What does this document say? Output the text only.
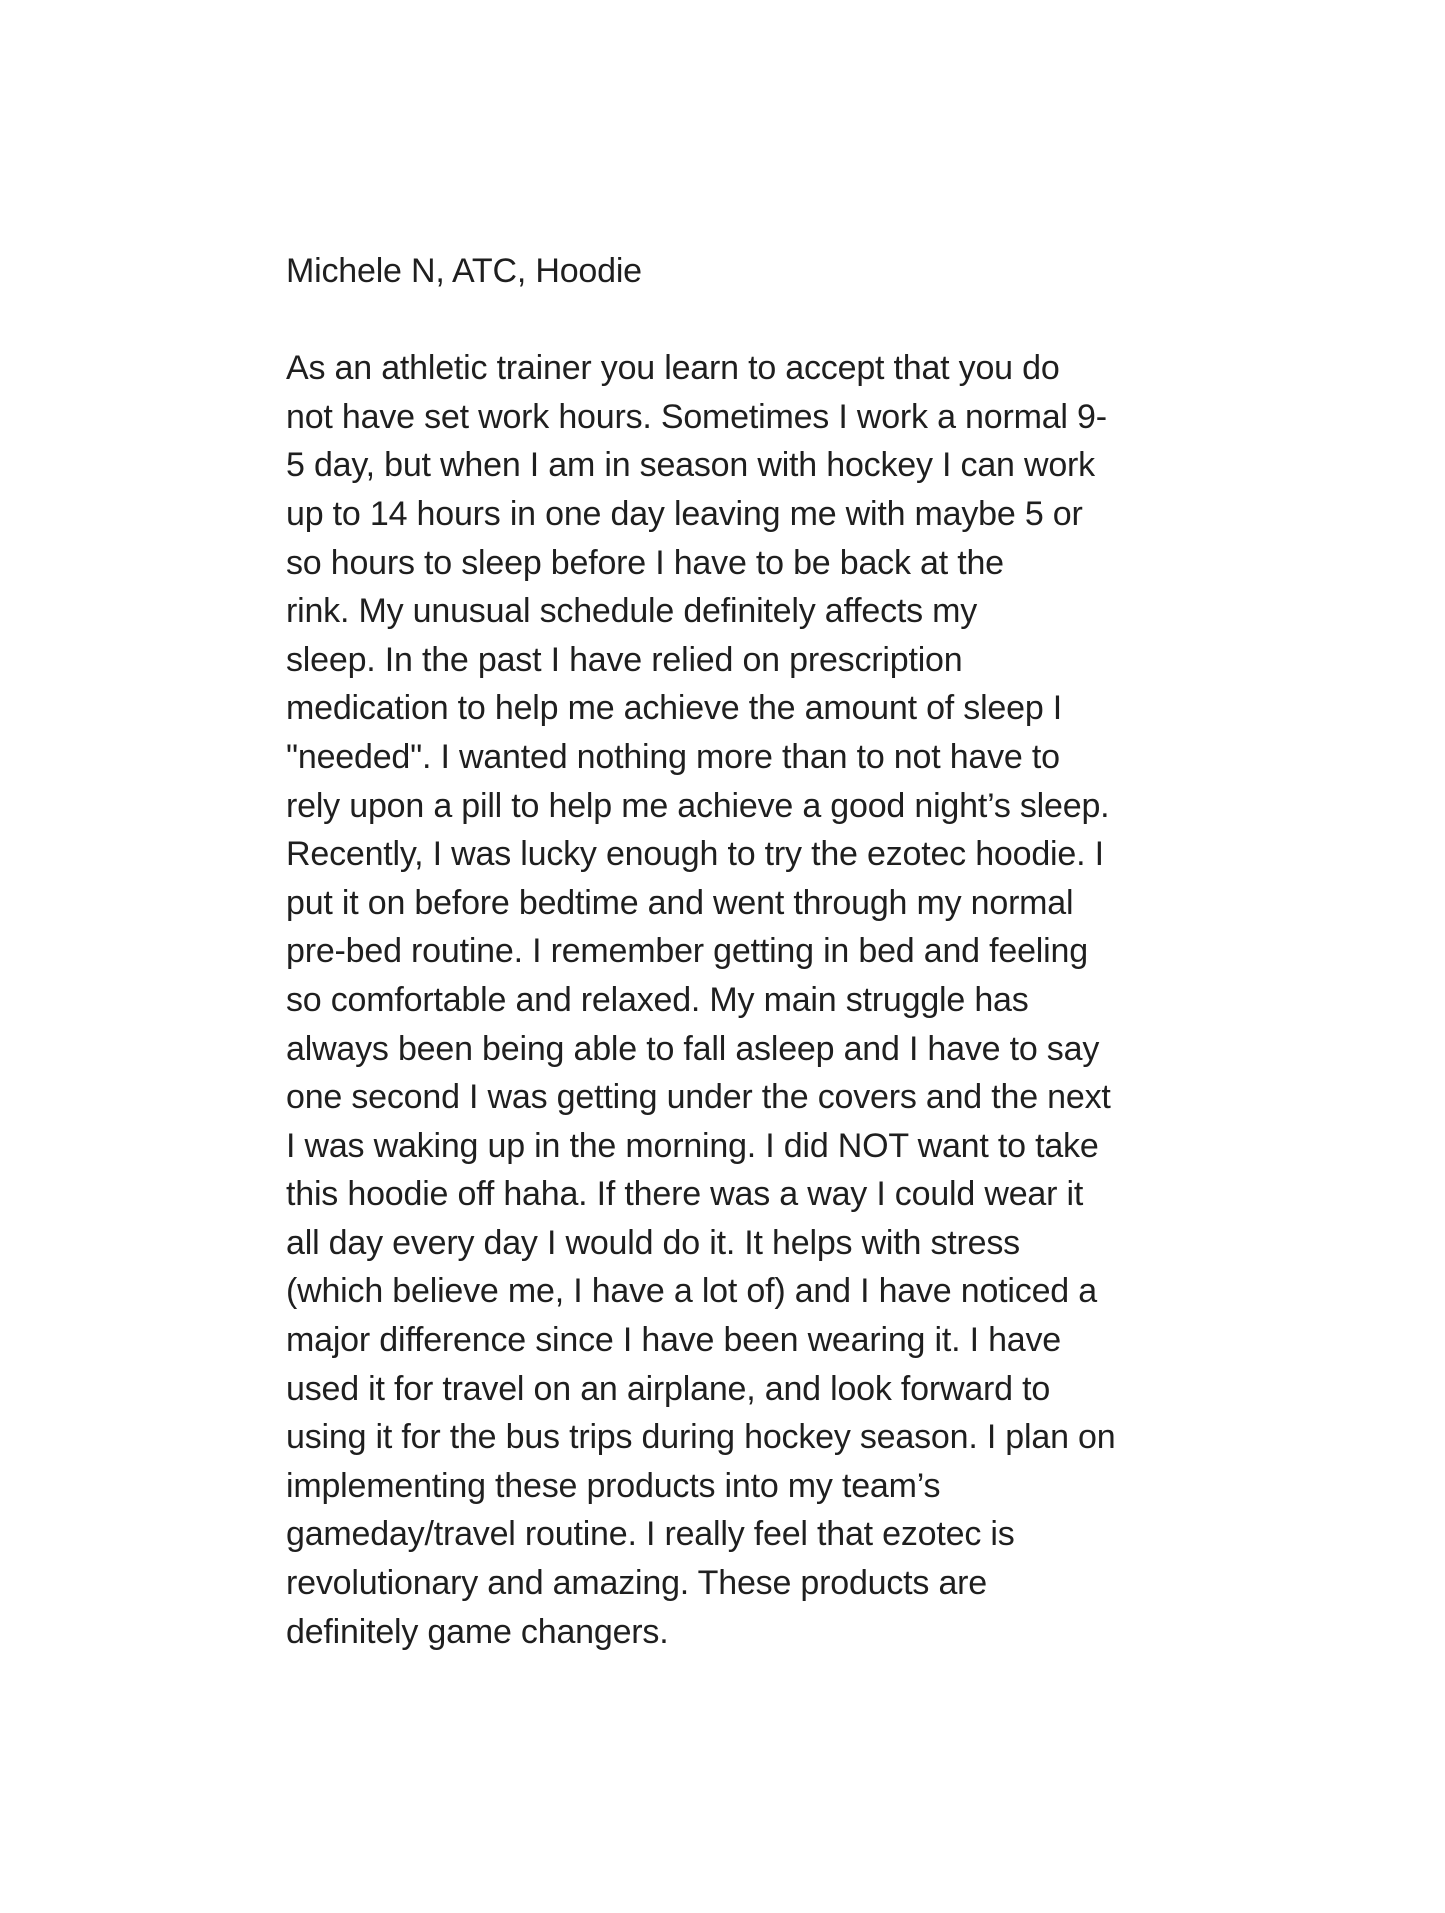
Michele N, ATC, Hoodie
As an athletic trainer you learn to accept that you do
not have set work hours. Sometimes I work a normal 9-
5 day, but when I am in season with hockey I can work
up to 14 hours in one day leaving me with maybe 5 or
so hours to sleep before I have to be back at the
rink. My unusual schedule definitely affects my
sleep. In the past I have relied on prescription
medication to help me achieve the amount of sleep I
"needed". I wanted nothing more than to not have to
rely upon a pill to help me achieve a good night’s sleep.
Recently, I was lucky enough to try the ezotec hoodie. I
put it on before bedtime and went through my normal
pre-bed routine. I remember getting in bed and feeling
so comfortable and relaxed. My main struggle has
always been being able to fall asleep and I have to say
one second I was getting under the covers and the next
I was waking up in the morning. I did NOT want to take
this hoodie off haha. If there was a way I could wear it
all day every day I would do it. It helps with stress
(which believe me, I have a lot of) and I have noticed a
major difference since I have been wearing it. I have
used it for travel on an airplane, and look forward to
using it for the bus trips during hockey season. I plan on
implementing these products into my team’s
gameday/travel routine. I really feel that ezotec is
revolutionary and amazing. These products are
definitely game changers.
